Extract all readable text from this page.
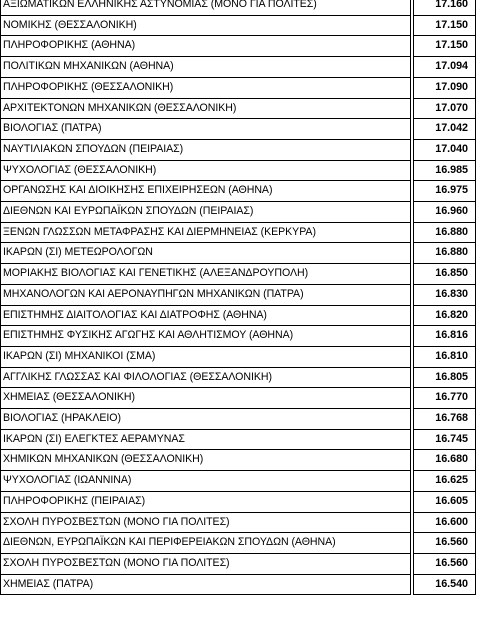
ΑΞΙΩΜΑΤΙΚΩΝ ΕΛΛΗΝΙΚΗΣ ΑΣΤΥΝΟΜΙΑΣ (ΜΟΝΟ ΓΙΑ ΠΟΛΙΤΕΣ)		17.160
ΝΟΜΙΚΗΣ (ΘΕΣΣΑΛΟΝΙΚΗ)		17.150
ΠΛΗΡΟΦΟΡΙΚΗΣ (ΑΘΗΝΑ)		17.150
ΠΟΛΙΤΙΚΩΝ ΜΗΧΑΝΙΚΩΝ (ΑΘΗΝΑ)		17.094
ΠΛΗΡΟΦΟΡΙΚΗΣ (ΘΕΣΣΑΛΟΝΙΚΗ)		17.090
ΑΡΧΙΤΕΚΤΟΝΩΝ ΜΗΧΑΝΙΚΩΝ (ΘΕΣΣΑΛΟΝΙΚΗ)		17.070
ΒΙΟΛΟΓΙΑΣ (ΠΑΤΡΑ)		17.042
ΝΑΥΤΙΛΙΑΚΩΝ ΣΠΟΥΔΩΝ (ΠΕΙΡΑΙΑΣ)		17.040
ΨΥΧΟΛΟΓΙΑΣ (ΘΕΣΣΑΛΟΝΙΚΗ)		16.985
ΟΡΓΑΝΩΣΗΣ ΚΑΙ ΔΙΟΙΚΗΣΗΣ ΕΠΙΧΕΙΡΗΣΕΩΝ (ΑΘΗΝΑ)		16.975
ΔΙΕΘΝΩΝ ΚΑΙ ΕΥΡΩΠΑΪΚΩΝ ΣΠΟΥΔΩΝ (ΠΕΙΡΑΙΑΣ)		16.960
ΞΕΝΩΝ ΓΛΩΣΣΩΝ ΜΕΤΑΦΡΑΣΗΣ ΚΑΙ ΔΙΕΡΜΗΝΕΙΑΣ (ΚΕΡΚΥΡΑ)		16.880
ΙΚΑΡΩΝ (ΣΙ) ΜΕΤΕΩΡΟΛΟΓΩΝ		16.880
ΜΟΡΙΑΚΗΣ ΒΙΟΛΟΓΙΑΣ ΚΑΙ ΓΕΝΕΤΙΚΗΣ (ΑΛΕΞΑΝΔΡΟΥΠΟΛΗ)		16.850
ΜΗΧΑΝΟΛΟΓΩΝ ΚΑΙ ΑΕΡΟΝΑΥΠΗΓΩΝ ΜΗΧΑΝΙΚΩΝ (ΠΑΤΡΑ)		16.830
ΕΠΙΣΤΗΜΗΣ ΔΙΑΙΤΟΛΟΓΙΑΣ ΚΑΙ ΔΙΑΤΡΟΦΗΣ (ΑΘΗΝΑ)		16.820
ΕΠΙΣΤΗΜΗΣ ΦΥΣΙΚΗΣ ΑΓΩΓΗΣ ΚΑΙ ΑΘΛΗΤΙΣΜΟΥ (ΑΘΗΝΑ)		16.816
ΙΚΑΡΩΝ (ΣΙ) ΜΗΧΑΝΙΚΟΙ (ΣΜΑ)		16.810
ΑΓΓΛΙΚΗΣ ΓΛΩΣΣΑΣ ΚΑΙ ΦΙΛΟΛΟΓΙΑΣ (ΘΕΣΣΑΛΟΝΙΚΗ)		16.805
ΧΗΜΕΙΑΣ (ΘΕΣΣΑΛΟΝΙΚΗ)		16.770
ΒΙΟΛΟΓΙΑΣ (ΗΡΑΚΛΕΙΟ)		16.768
ΙΚΑΡΩΝ (ΣΙ) ΕΛΕΓΚΤΕΣ ΑΕΡΑΜΥΝΑΣ		16.745
ΧΗΜΙΚΩΝ ΜΗΧΑΝΙΚΩΝ (ΘΕΣΣΑΛΟΝΙΚΗ)		16.680
ΨΥΧΟΛΟΓΙΑΣ (ΙΩΑΝΝΙΝΑ)		16.625
ΠΛΗΡΟΦΟΡΙΚΗΣ (ΠΕΙΡΑΙΑΣ)		16.605
ΣΧΟΛΗ ΠΥΡΟΣΒΕΣΤΩΝ (ΜΟΝΟ ΓΙΑ ΠΟΛΙΤΕΣ)		16.600
ΔΙΕΘΝΩΝ, ΕΥΡΩΠΑΪΚΩΝ ΚΑΙ ΠΕΡΙΦΕΡΕΙΑΚΩΝ ΣΠΟΥΔΩΝ (ΑΘΗΝΑ)		16.560
ΣΧΟΛΗ ΠΥΡΟΣΒΕΣΤΩΝ (ΜΟΝΟ ΓΙΑ ΠΟΛΙΤΕΣ)		16.560
ΧΗΜΕΙΑΣ (ΠΑΤΡΑ)		16.540
